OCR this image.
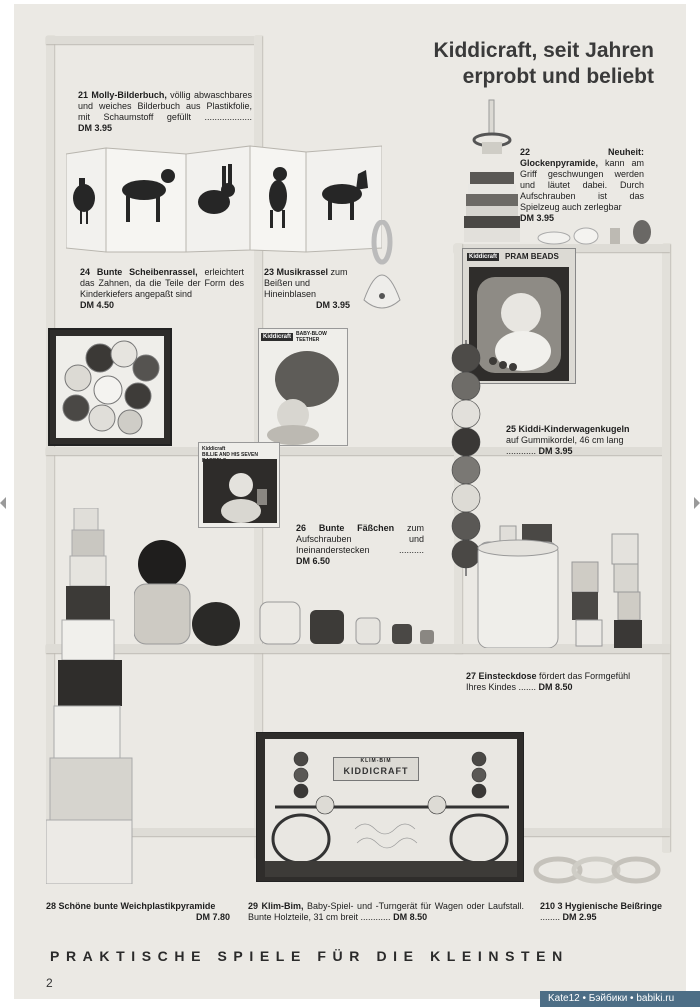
Kiddicraft, seit Jahren
erprobt und beliebt
21 Molly-Bilderbuch, völlig abwaschbares und weiches Bilderbuch aus Plastikfolie, mit Schaumstoff gefüllt ................... DM 3.95
22 Neuheit: Glockenpyramide, kann am Griff geschwungen werden und läutet dabei. Durch Aufschrauben ist das Spielzeug auch zerlegbar
DM 3.95
24 Bunte Scheibenrassel, erleichtert das Zahnen, da die Teile der Form des Kinderkiefers angepaßt sind
DM 4.50
23 Musikrassel zum Beißen und Hineinblasen
DM 3.95
Kiddicraft	BABY-BLOW TEETHER
Kiddicraft PRAM BEADS
25 Kiddi-Kinderwagenkugeln auf Gummikordel, 46 cm lang ............ DM 3.95
Kiddicraft
BILLIE AND HIS SEVEN
26 Bunte Fäßchen zum Aufschrauben und Ineinanderstecken .......... DM 6.50
27 Einsteckdose fördert das Formgefühl Ihres Kindes ....... DM 8.50
KLIM-BIM
KIDDICRAFT
28 Schöne bunte Weichplastikpyramide
DM 7.80
29 Klim-Bim, Baby-Spiel- und -Turngerät für Wagen oder Laufstall. Bunte Holzteile, 31 cm breit ............ DM 8.50
210 3 Hygienische Beißringe ........ DM 2.95
PRAKTISCHE SPIELE FÜR DIE KLEINSTEN
2
Kate12 • Бэйбики • babiki.ru
